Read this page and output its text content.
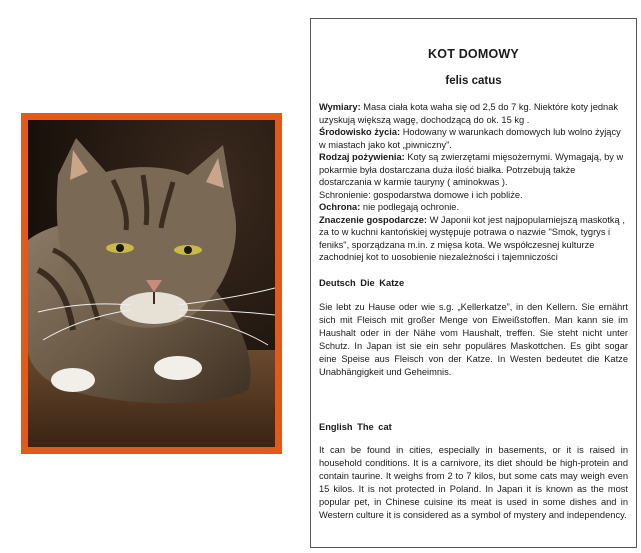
KOT DOMOWY
felis catus

Wymiary: Masa ciała kota waha się od 2,5 do 7 kg. Niektóre koty jednak uzyskują większą wagę, dochodzącą do ok. 15 kg .

Środowisko życia: Hodowany w warunkach domowych lub wolno żyjący w miastach jako kot „piwniczny”.

Rodzaj pożywienia: Koty są zwierzętami mięsożernymi. Wymagają, by w pokarmie była dostarczana duża ilość białka. Potrzebują także dostarczania w karmie tauryny ( aminokwas ).

Schronienie: gospodarstwa domowe i ich pobliże.

Ochrona: nie podlegają ochronie.

Znaczenie gospodarcze: W Japonii kot jest najpopularniejszą maskotką , za to w kuchni kantońskiej występuje potrawa o nazwie "Smok, tygrys i feniks", sporządzana m.in. z mięsa kota. We współczesnej kulturze zachodniej kot to uosobienie niezależności i tajemniczości

Deutsch Die Katze
Sie lebt zu Hause oder wie s.g. „Kellerkatze”, in den Kellern. Sie ernährt sich mit Fleisch mit großer Menge von Eiweißstoffen. Man kann sie im Haushalt oder in der Nähe vom Haushalt, treffen. Sie steht nicht unter Schutz. In Japan ist sie ein sehr populäres Maskottchen. Es gibt sogar eine Speise aus Fleisch von der Katze. In Westen bedeutet die Katze Unabhängigkeit und Geheimnis.
English The cat
It can be found in cities, especially in basements, or it is raised in household conditions. It is a carnivore, its diet should be high-protein and contain taurine. It weighs from 2 to 7 kilos, but some cats may weigh even 15 kilos. It is not protected in Poland. In Japan it is known as the most popular pet, in Chinese cuisine its meat is used in some dishes and in Western culture it is considered as a symbol of mystery and independency.
